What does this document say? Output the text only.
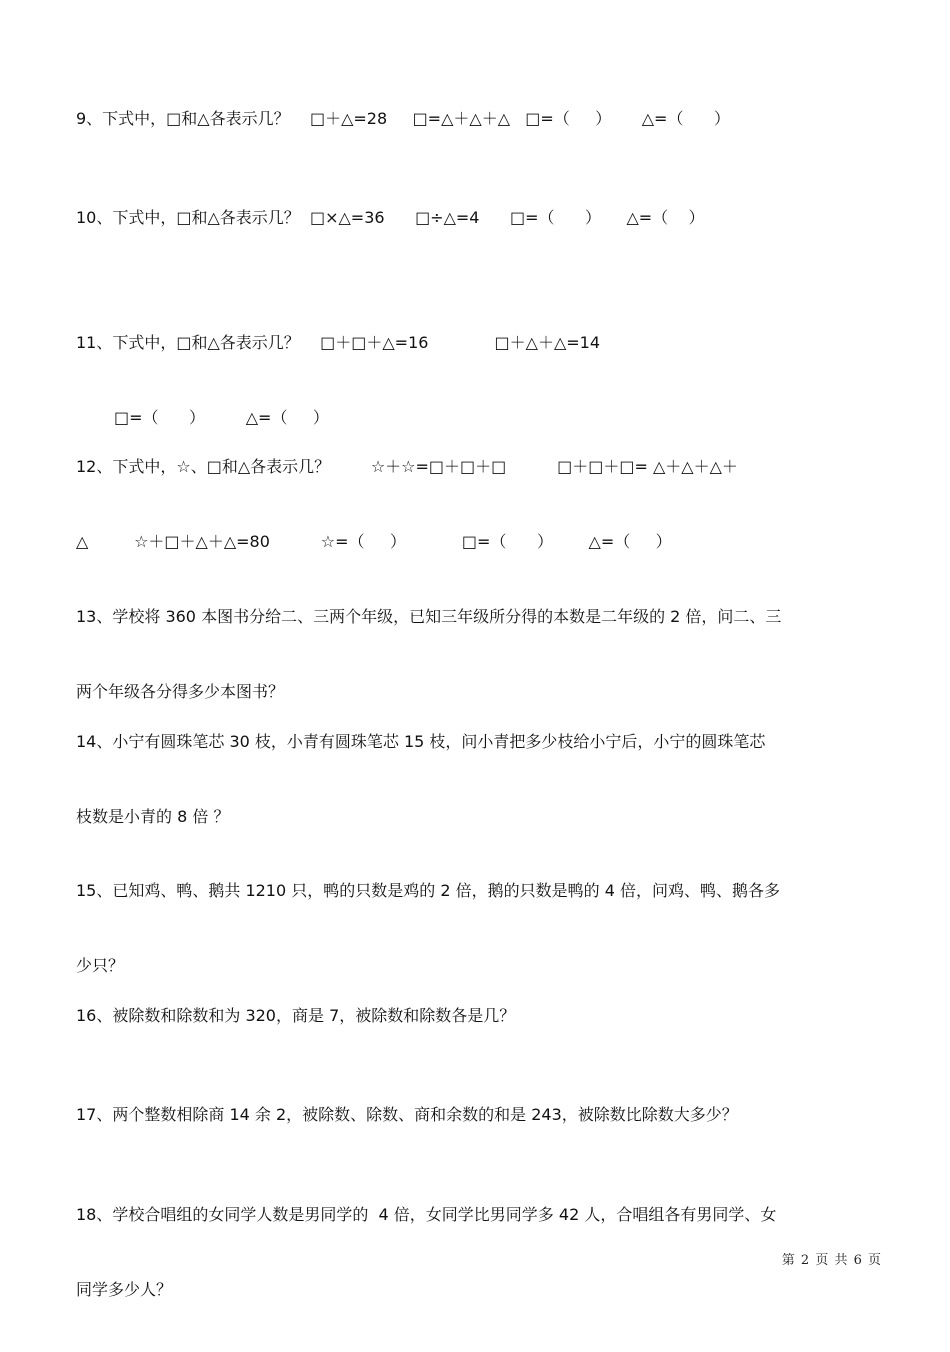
9、下式中，□和△各表示几？    □＋△=28     □=△＋△＋△   □=（     ）      △=（      ）

10、下式中，□和△各表示几？  □×△=36      □÷△=4      □=（      ）     △=（    ）

11、下式中，□和△各表示几？    □＋□＋△=16             □＋△＋△=14

□=（      ）        △=（     ）

12、下式中，☆、□和△各表示几？        ☆＋☆=□＋□＋□          □＋□＋□= △＋△＋△＋

△         ☆＋□＋△＋△=80          ☆=（     ）           □=（      ）       △=（     ）

13、学校将 360 本图书分给二、三两个年级，已知三年级所分得的本数是二年级的 2 倍，问二、三

两个年级各分得多少本图书？

14、小宁有圆珠笔芯 30 枝，小青有圆珠笔芯 15 枝，问小青把多少枝给小宁后，小宁的圆珠笔芯

枝数是小青的 8 倍 ？

15、已知鸡、鸭、鹅共 1210 只，鸭的只数是鸡的 2 倍，鹅的只数是鸭的 4 倍，问鸡、鸭、鹅各多

少只？

16、被除数和除数和为 320，商是 7，被除数和除数各是几？

17、两个整数相除商 14 余 2，被除数、除数、商和余数的和是 243，被除数比除数大多少？

18、学校合唱组的女同学人数是男同学的  4 倍，女同学比男同学多 42 人，合唱组各有男同学、女

同学多少人？

第 2 页 共 6 页
